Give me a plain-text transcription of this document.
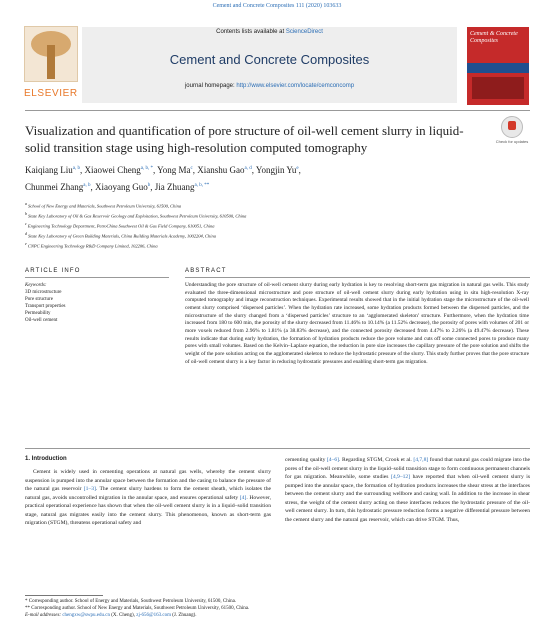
Cement and Concrete Composites 111 (2020) 103633
ELSEVIER
Contents lists available at ScienceDirect
Cement and Concrete Composites
journal homepage: http://www.elsevier.com/locate/cemconcomp
Cement & Concrete Composites
Visualization and quantification of pore structure of oil-well cement slurry in liquid-solid transition stage using high-resolution computed tomography	Check for updates
Kaiqiang Liu$^{a, b}$, Xiaowei Cheng$^{a, b, *}$, Yong Ma$^c$, Xianshu Gao$^{a, d}$, Yongjin Yu$^e$,
Chunmei Zhang$^{a, b}$, Xiaoyang Guo$^b$, Jia Zhuang$^{a, b, **}$
$^a$ School of New Energy and Materials, Southwest Petroleum University, 61500, China
$^b$ State Key Laboratory of Oil & Gas Reservoir Geology and Exploitation, Southwest Petroleum University, 610500, China
$^c$ Engineering Technology Department, PetroChina Southwest Oil & Gas Field Company, 610051, China
$^d$ State Key Laboratory of Green Building Materials, China Building Materials Academy, 1002204, China
$^e$ CNPC Engineering Technology R&D Company Limited, 102206, China
ARTICLE INFO	ABSTRACT
Keywords:
3D microstructure
Pore structure
Transport properties
Permeability
Oil-well cement
Understanding the pore structure of oil-well cement slurry during early hydration is key to resolving short-term gas migration in natural gas wells. This study evaluated the three-dimensional microstructure and pore structure of oil-well cement slurry during early hydration using in situ high-resolution X-ray computed tomography and image reconstruction techniques. Experimental results showed that in the initial hydration stage the microstructure of the oil-well cement slurry comprised ‘dispersed particles’. When the hydration rate increased, some hydration products formed between the dispersed particles, and the microstructure of the slurry changed from a ‘dispersed particles’ structure to an ‘agglomerated skeleton’ structure. Furthermore, when the hydration time increased from 180 to 600 min, the porosity of the slurry decreased from 11.46% to 10.14% (a 11.52% decrease), the porosity of pores with volumes of 201 or more voxels reduced from 2.96% to 1.81% (a 38.83% decrease), and the connected porosity decreased from 4.47% to 2.26% (a 49.47% decrease). These results indicate that during early hydration, the formation of hydration products reduce the pore volume and cuts off some connected pores to produce many pores with small volumes. Based on the Kelvin–Laplace equation, the reduction in pore size increases the capillary pressure of the pore solution and shifts the weight of the pore solution acting on the agglomerated skeleton to reduce the hydrostatic pressure of the slurry. This study further proves that the pore structure of oil-well cement slurry is a key factor in reducing hydrostatic pressures and enabling short-term gas migration.
1. Introduction
Cement is widely used in cementing operations at natural gas wells, whereby the cement slurry suspension is pumped into the annular space between the formation and the casing to balance the pressure of the natural gas reservoir [1–3]. The cement slurry hardens to form the cement sheath, which isolates the natural gas, avoids uncontrolled migration in the annular space, and ensures operational safety [4]. However, practical operational experience has shown that when the oil-well cement slurry is in a liquid–solid transition stage, natural gas migrates easily into the cement slurry. This phenomenon, known as short-term gas migration (STGM), threatens operational safety and
cementing quality [4–6]. Regarding STGM, Crook et al. [4,7,8] found that natural gas could migrate into the pores of the oil-well cement slurry in the liquid–solid transition stage to form continuous permanent channels for gas migration. Meanwhile, some studies [4,9–12] have reported that when oil-well cement slurry is pumped into the annular space, the formation of hydration products increases the shear stress at the interfaces between the cement slurry and the surrounding wellbore and casing wall. In addition to the increase in shear stress, the weight of the cement slurry acting on these interfaces reduces the hydrostatic pressure of the oil-well cement slurry. In turn, this hydrostatic pressure reduction forms a negative differential pressure between the cement slurry and the natural gas reservoir, which can drive STGM. Thus,
* Corresponding author. School of Energy and Materials, Southwest Petroleum University, 61500, China.
** Corresponding author. School of New Energy and Materials, Southwest Petroleum University, 61500, China.
E-mail addresses: chengxw@swpu.edu.cn (X. Cheng), zj-656@163.com (J. Zhuang).
